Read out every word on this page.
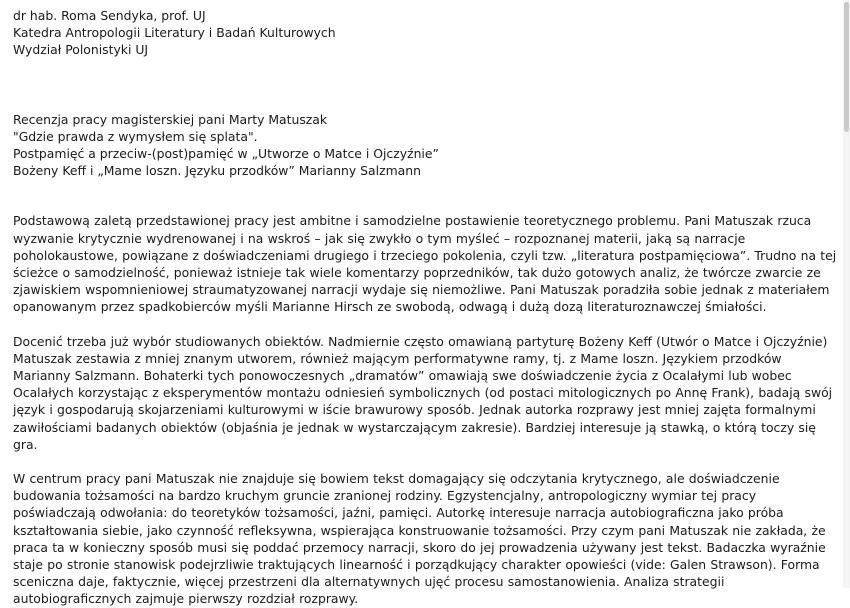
dr hab. Roma Sendyka, prof. UJ

Katedra Antropologii Literatury i Badań Kulturowych

Wydział Polonistyki UJ

Recenzja pracy magisterskiej pani Marty Matuszak

"Gdzie prawda z wymysłem się splata".

Postpamięć a przeciw-(post)pamięć w „Utworze o Matce i Ojczyźnie”

Bożeny Keff i „Mame loszn. Języku przodków” Marianny Salzmann

Podstawową zaletą przedstawionej pracy jest ambitne i samodzielne postawienie teoretycznego problemu. Pani Matuszak rzuca wyzwanie krytycznie wydrenowanej i na wskroś – jak się zwykło o tym myśleć – rozpoznanej materii, jaką są narracje poholokaustowe, powiązane z doświadczeniami drugiego i trzeciego pokolenia, czyli tzw. „literatura postpamięciowa”. Trudno na tej ścieżce o samodzielność, ponieważ istnieje tak wiele komentarzy poprzedników, tak dużo gotowych analiz, że twórcze zwarcie ze zjawiskiem wspomnieniowej straumatyzowanej narracji wydaje się niemożliwe. Pani Matuszak poradziła sobie jednak z materiałem opanowanym przez spadkobierców myśli Marianne Hirsch ze swobodą, odwagą i dużą dozą literaturoznawczej śmiałości.

Docenić trzeba już wybór studiowanych obiektów. Nadmiernie często omawianą partyturę Bożeny Keff (Utwór o Matce i Ojczyźnie) Matuszak zestawia z mniej znanym utworem, również mającym performatywne ramy, tj. z Mame loszn. Językiem przodków Marianny Salzmann. Bohaterki tych ponowoczesnych „dramatów” omawiają swe doświadczenie życia z Ocalałymi lub wobec Ocalałych korzystając z eksperymentów montażu odniesień symbolicznych (od postaci mitologicznych po Annę Frank), badają swój język i gospodarują skojarzeniami kulturowymi w iście brawurowy sposób. Jednak autorka rozprawy jest mniej zajęta formalnymi zawiłościami badanych obiektów (objaśnia je jednak w wystarczającym zakresie). Bardziej interesuje ją stawką, o którą toczy się gra.

W centrum pracy pani Matuszak nie znajduje się bowiem tekst domagający się odczytania krytycznego, ale doświadczenie budowania tożsamości na bardzo kruchym gruncie zranionej rodziny. Egzystencjalny, antropologiczny wymiar tej pracy poświadczają odwołania: do teoretyków tożsamości, jaźni, pamięci. Autorkę interesuje narracja autobiograficzna jako próba kształtowania siebie, jako czynność refleksywna, wspierająca konstruowanie tożsamości. Przy czym pani Matuszak nie zakłada, że praca ta w konieczny sposób musi się poddać przemocy narracji, skoro do jej prowadzenia używany jest tekst. Badaczka wyraźnie staje po stronie stanowisk podejrzliwie traktujących linearność i porządkujący charakter opowieści (vide: Galen Strawson). Forma sceniczna daje, faktycznie, więcej przestrzeni dla alternatywnych ujęć procesu samostanowienia. Analiza strategii autobiograficznych zajmuje pierwszy rozdział rozprawy.
